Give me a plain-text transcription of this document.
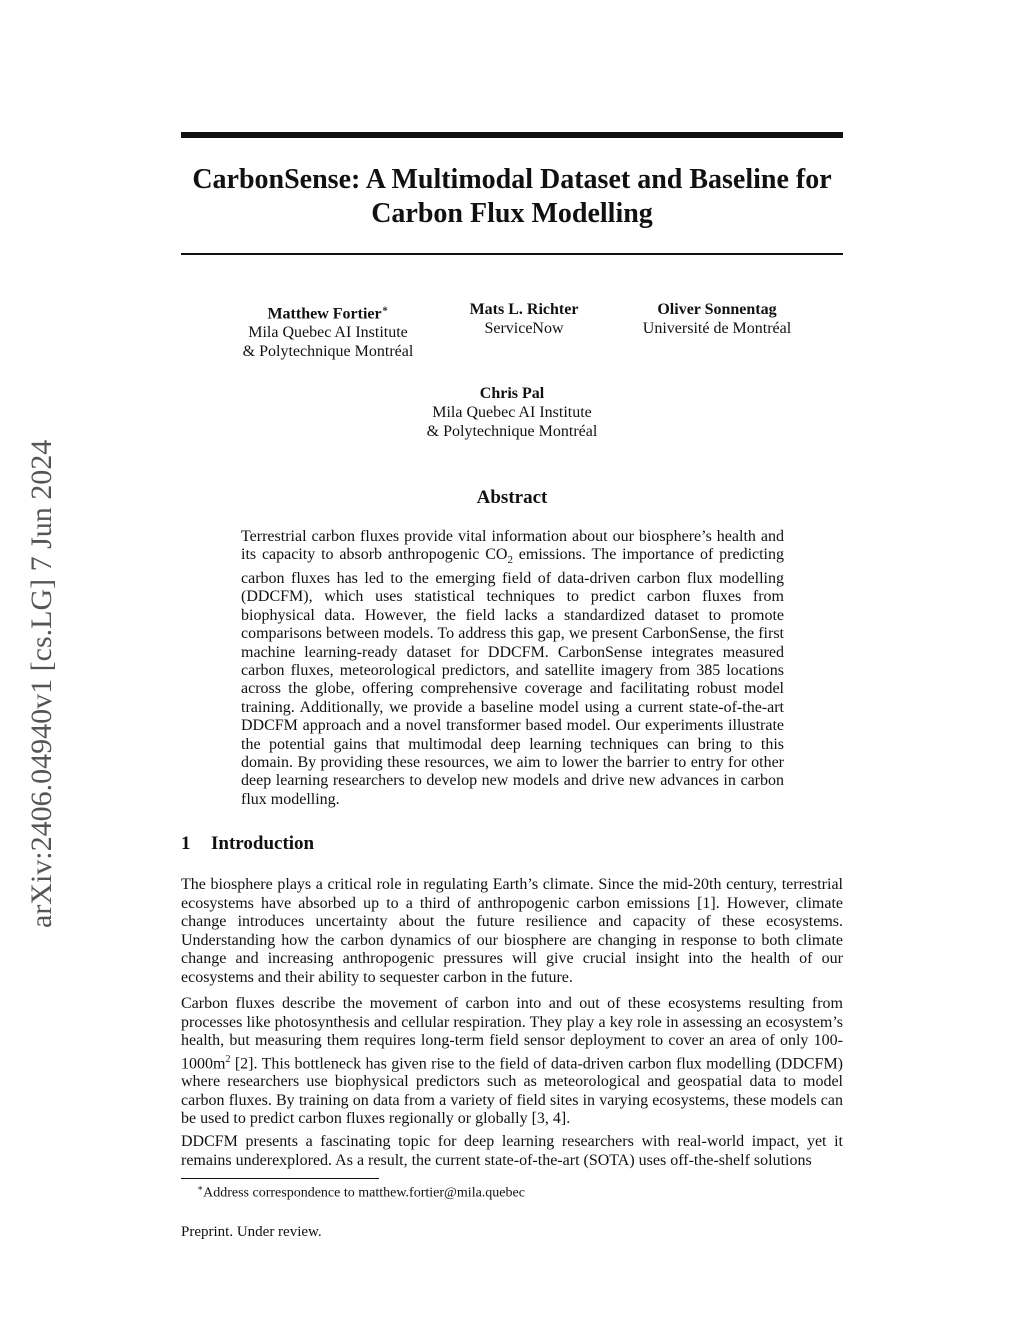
arXiv:2406.04940v1 [cs.LG] 7 Jun 2024
CarbonSense: A Multimodal Dataset and Baseline for
Carbon Flux Modelling
Matthew Fortier∗
Mila Quebec AI Institute
& Polytechnique Montréal
Mats L. Richter
ServiceNow
Oliver Sonnentag
Université de Montréal
Chris Pal
Mila Quebec AI Institute
& Polytechnique Montréal
Abstract

Terrestrial carbon fluxes provide vital information about our biosphere’s health and its capacity to absorb anthropogenic $CO_2$ emissions. The importance of predicting carbon fluxes has led to the emerging field of data-driven carbon flux modelling (DDCFM), which uses statistical techniques to predict carbon fluxes from biophysical data. However, the field lacks a standardized dataset to promote comparisons between models. To address this gap, we present CarbonSense, the first machine learning-ready dataset for DDCFM. CarbonSense integrates measured carbon fluxes, meteorological predictors, and satellite imagery from 385 locations across the globe, offering comprehensive coverage and facilitating robust model training. Additionally, we provide a baseline model using a current state-of-the-art DDCFM approach and a novel transformer based model. Our experiments illustrate the potential gains that multimodal deep learning techniques can bring to this domain. By providing these resources, we aim to lower the barrier to entry for other deep learning researchers to develop new models and drive new advances in carbon flux modelling.

1 Introduction

The biosphere plays a critical role in regulating Earth’s climate. Since the mid-20th century, terrestrial ecosystems have absorbed up to a third of anthropogenic carbon emissions [1]. However, climate change introduces uncertainty about the future resilience and capacity of these ecosystems. Understanding how the carbon dynamics of our biosphere are changing in response to both climate change and increasing anthropogenic pressures will give crucial insight into the health of our ecosystems and their ability to sequester carbon in the future.

Carbon fluxes describe the movement of carbon into and out of these ecosystems resulting from processes like photosynthesis and cellular respiration. They play a key role in assessing an ecosystem’s health, but measuring them requires long-term field sensor deployment to cover an area of only $100-1000m^2$ [2]. This bottleneck has given rise to the field of data-driven carbon flux modelling (DDCFM) where researchers use biophysical predictors such as meteorological and geospatial data to model carbon fluxes. By training on data from a variety of field sites in varying ecosystems, these models can be used to predict carbon fluxes regionally or globally [3, 4].

DDCFM presents a fascinating topic for deep learning researchers with real-world impact, yet it remains underexplored. As a result, the current state-of-the-art (SOTA) uses off-the-shelf solutions

∗Address correspondence to matthew.fortier@mila.quebec
Preprint. Under review.
